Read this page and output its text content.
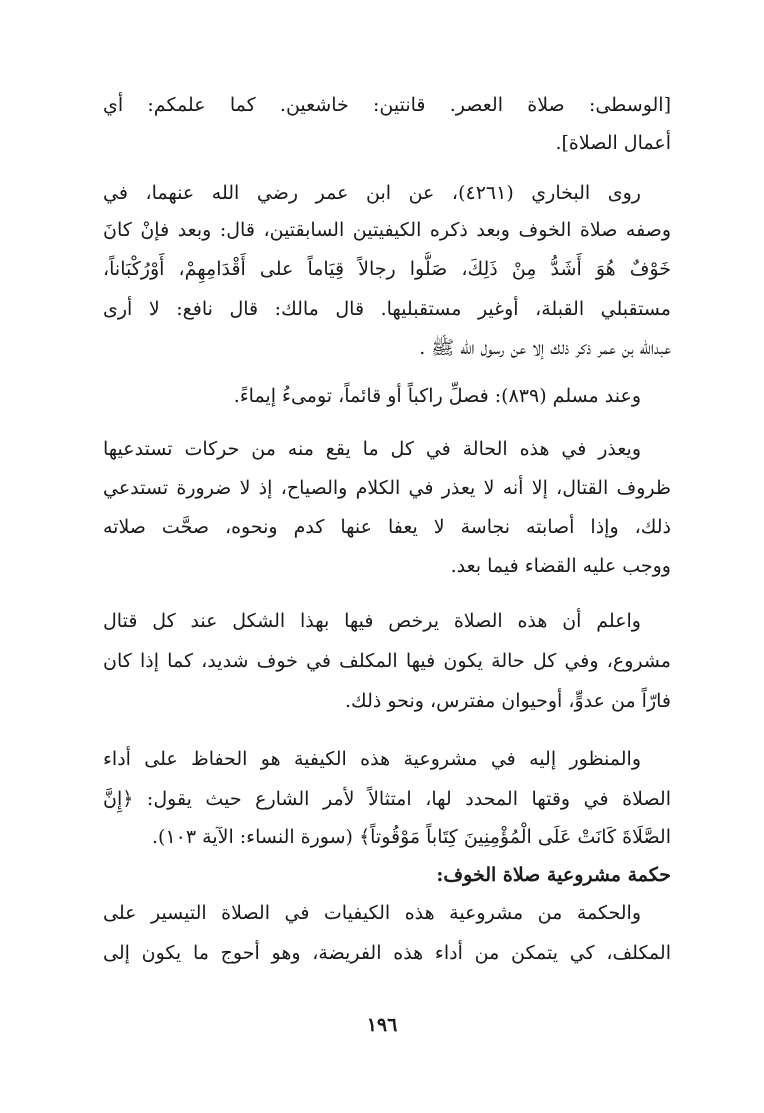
[الوسطى: صلاة العصر. قانتين: خاشعين. كما علمكم: أي
أعمال الصلاة].
روى البخاري (٤٢٦١)، عن ابن عمر رضي الله عنهما، في
وصفه صلاة الخوف وبعد ذكره الكيفيتين السابقتين، قال: وبعد فإنْ كانَ
خَوْفٌ هُوَ أَشَدُّ مِنْ ذَلِكَ، صَلُّوا رجالاً قِيَاماً على أَقْدَامِهِمْ، أَوْرُكْبَاناً،
مستقبلي القبلة، أوغير مستقبليها. قال مالك: قال نافع: لا أرى
عبدالله بن عمر ذكر ذلك إلا عن رسول الله ﷺ .
وعند مسلم (٨٣٩): فصلِّ راكباً أو قائماً، تومىءُ إيماءً.
ويعذر في هذه الحالة في كل ما يقع منه من حركات تستدعيها
ظروف القتال، إلا أنه لا يعذر في الكلام والصياح، إذ لا ضرورة تستدعي
ذلك، وإذا أصابته نجاسة لا يعفا عنها كدم ونحوه، صحَّت صلاته
ووجب عليه القضاء فيما بعد.
واعلم أن هذه الصلاة يرخص فيها بهذا الشكل عند كل قتال
مشروع، وفي كل حالة يكون فيها المكلف في خوف شديد، كما إذا كان
فارّاً من عدوٍّ، أوحيوان مفترس، ونحو ذلك.
والمنظور إليه في مشروعية هذه الكيفية هو الحفاظ على أداء
الصلاة في وقتها المحدد لها، امتثالاً لأمر الشارع حيث يقول: ﴿إِنَّ
الصَّلَاةَ كَانَتْ عَلَى الْمُؤْمِنِينَ كِتَاباً مَوْقُوتاً﴾ (سورة النساء: الآية ١٠٣).
حكمة مشروعية صلاة الخوف:
والحكمة من مشروعية هذه الكيفيات في الصلاة التيسير على
المكلف، كي يتمكن من أداء هذه الفريضة، وهو أحوج ما يكون إلى
١٩٦
